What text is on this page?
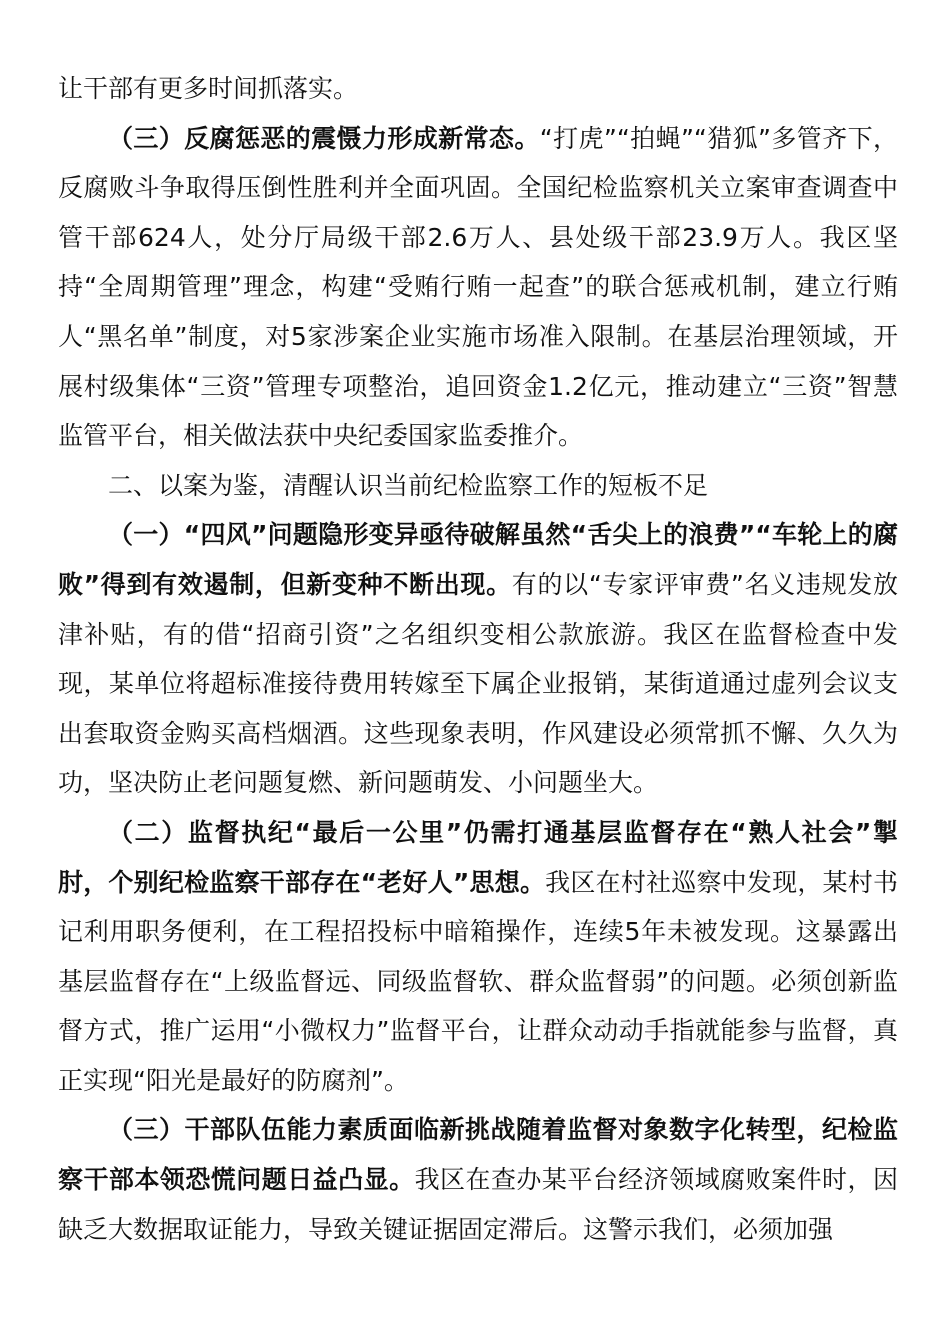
让干部有更多时间抓落实。

（三）反腐惩恶的震慑力形成新常态。“打虎”“拍蝇”“猎狐”多管齐下，反腐败斗争取得压倒性胜利并全面巩固。全国纪检监察机关立案审查调查中管干部624人，处分厅局级干部2.6万人、县处级干部23.9万人。我区坚持“全周期管理”理念，构建“受贿行贿一起查”的联合惩戒机制，建立行贿人“黑名单”制度，对5家涉案企业实施市场准入限制。在基层治理领域，开展村级集体“三资”管理专项整治，追回资金1.2亿元，推动建立“三资”智慧监管平台，相关做法获中央纪委国家监委推介。

二、以案为鉴，清醒认识当前纪检监察工作的短板不足

（一）“四风”问题隐形变异亟待破解虽然“舌尖上的浪费”“车轮上的腐败”得到有效遏制，但新变种不断出现。有的以“专家评审费”名义违规发放津补贴，有的借“招商引资”之名组织变相公款旅游。我区在监督检查中发现，某单位将超标准接待费用转嫁至下属企业报销，某街道通过虚列会议支出套取资金购买高档烟酒。这些现象表明，作风建设必须常抓不懈、久久为功，坚决防止老问题复燃、新问题萌发、小问题坐大。

（二）监督执纪“最后一公里”仍需打通基层监督存在“熟人社会”掣肘，个别纪检监察干部存在“老好人”思想。我区在村社巡察中发现，某村书记利用职务便利，在工程招投标中暗箱操作，连续5年未被发现。这暴露出基层监督存在“上级监督远、同级监督软、群众监督弱”的问题。必须创新监督方式，推广运用“小微权力”监督平台，让群众动动手指就能参与监督，真正实现“阳光是最好的防腐剂”。

（三）干部队伍能力素质面临新挑战随着监督对象数字化转型，纪检监察干部本领恐慌问题日益凸显。我区在查办某平台经济领域腐败案件时，因缺乏大数据取证能力，导致关键证据固定滞后。这警示我们，必须加强
